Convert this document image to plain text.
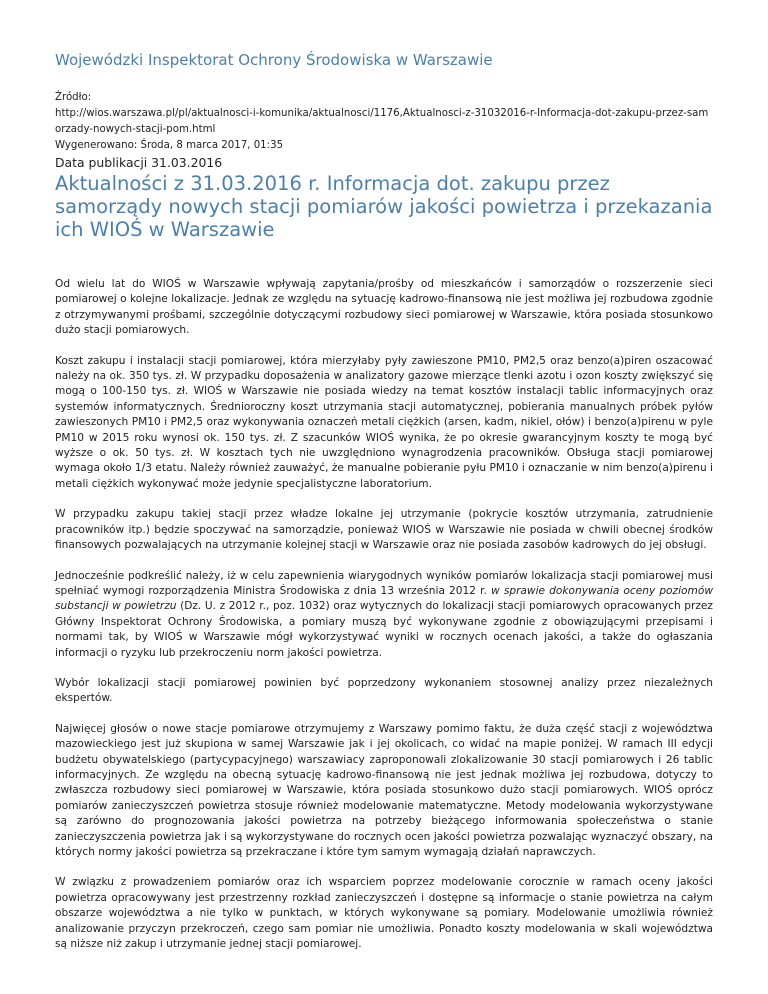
Wojewódzki Inspektorat Ochrony Środowiska w Warszawie
Źródło:
http://wios.warszawa.pl/pl/aktualnosci-i-komunika/aktualnosci/1176,Aktualnosci-z-31032016-r-Informacja-dot-zakupu-przez-samorzady-nowych-stacji-pom.html
Wygenerowano: Środa, 8 marca 2017, 01:35
Data publikacji 31.03.2016
Aktualności z 31.03.2016 r. Informacja dot. zakupu przez samorządy nowych stacji pomiarów jakości powietrza i przekazania ich WIOŚ w Warszawie

Od wielu lat do WIOŚ w Warszawie wpływają zapytania/prośby od mieszkańców i samorządów o rozszerzenie sieci pomiarowej o kolejne lokalizacje. Jednak ze względu na sytuację kadrowo-finansową nie jest możliwa jej rozbudowa zgodnie z otrzymywanymi prośbami, szczególnie dotyczącymi rozbudowy sieci pomiarowej w Warszawie, która posiada stosunkowo dużo stacji pomiarowych.

Koszt zakupu i instalacji stacji pomiarowej, która mierzyłaby pyły zawieszone PM10, PM2,5 oraz benzo(a)piren oszacować należy na ok. 350 tys. zł. W przypadku doposażenia w analizatory gazowe mierzące tlenki azotu i ozon koszty zwiększyć się mogą o 100-150 tys. zł. WIOŚ w Warszawie nie posiada wiedzy na temat kosztów instalacji tablic informacyjnych oraz systemów informatycznych. Średnioroczny koszt utrzymania stacji automatycznej, pobierania manualnych próbek pyłów zawieszonych PM10 i PM2,5 oraz wykonywania oznaczeń metali ciężkich (arsen, kadm, nikiel, ołów) i benzo(a)pirenu w pyle PM10 w 2015 roku wynosi ok. 150 tys. zł. Z szacunków WIOŚ wynika, że po okresie gwarancyjnym koszty te mogą być wyższe o ok. 50 tys. zł. W kosztach tych nie uwzględniono wynagrodzenia pracowników. Obsługa stacji pomiarowej wymaga około 1/3 etatu. Należy również zauważyć, że manualne pobieranie pyłu PM10 i oznaczanie w nim benzo(a)pirenu i metali ciężkich wykonywać może jedynie specjalistyczne laboratorium.

W przypadku zakupu takiej stacji przez władze lokalne jej utrzymanie (pokrycie kosztów utrzymania, zatrudnienie pracowników itp.) będzie spoczywać na samorządzie, ponieważ WIOŚ w Warszawie nie posiada w chwili obecnej środków finansowych pozwalających na utrzymanie kolejnej stacji w Warszawie oraz nie posiada zasobów kadrowych do jej obsługi.

Jednocześnie podkreślić należy, iż w celu zapewnienia wiarygodnych wyników pomiarów lokalizacja stacji pomiarowej musi spełniać wymogi rozporządzenia Ministra Środowiska z dnia 13 września 2012 r. w sprawie dokonywania oceny poziomów substancji w powietrzu (Dz. U. z 2012 r., poz. 1032) oraz wytycznych do lokalizacji stacji pomiarowych opracowanych przez Główny Inspektorat Ochrony Środowiska, a pomiary muszą być wykonywane zgodnie z obowiązującymi przepisami i normami tak, by WIOŚ w Warszawie mógł wykorzystywać wyniki w rocznych ocenach jakości, a także do ogłaszania informacji o ryzyku lub przekroczeniu norm jakości powietrza.

Wybór lokalizacji stacji pomiarowej powinien być poprzedzony wykonaniem stosownej analizy przez niezależnych ekspertów.

Najwięcej głosów o nowe stacje pomiarowe otrzymujemy z Warszawy pomimo faktu, że duża część stacji z województwa mazowieckiego jest już skupiona w samej Warszawie jak i jej okolicach, co widać na mapie poniżej. W ramach III edycji budżetu obywatelskiego (partycypacyjnego) warszawiacy zaproponowali zlokalizowanie 30 stacji pomiarowych i 26 tablic informacyjnych. Ze względu na obecną sytuację kadrowo-finansową nie jest jednak możliwa jej rozbudowa, dotyczy to zwłaszcza rozbudowy sieci pomiarowej w Warszawie, która posiada stosunkowo dużo stacji pomiarowych. WIOŚ oprócz pomiarów zanieczyszczeń powietrza stosuje również modelowanie matematyczne. Metody modelowania wykorzystywane są zarówno do prognozowania jakości powietrza na potrzeby bieżącego informowania społeczeństwa o stanie zanieczyszczenia powietrza jak i są wykorzystywane do rocznych ocen jakości powietrza pozwalając wyznaczyć obszary, na których normy jakości powietrza są przekraczane i które tym samym wymagają działań naprawczych.

W związku z prowadzeniem pomiarów oraz ich wsparciem poprzez modelowanie corocznie w ramach oceny jakości powietrza opracowywany jest przestrzenny rozkład zanieczyszczeń i dostępne są informacje o stanie powietrza na całym obszarze województwa a nie tylko w punktach, w których wykonywane są pomiary. Modelowanie umożliwia również analizowanie przyczyn przekroczeń, czego sam pomiar nie umożliwia. Ponadto koszty modelowania w skali województwa są niższe niż zakup i utrzymanie jednej stacji pomiarowej.
